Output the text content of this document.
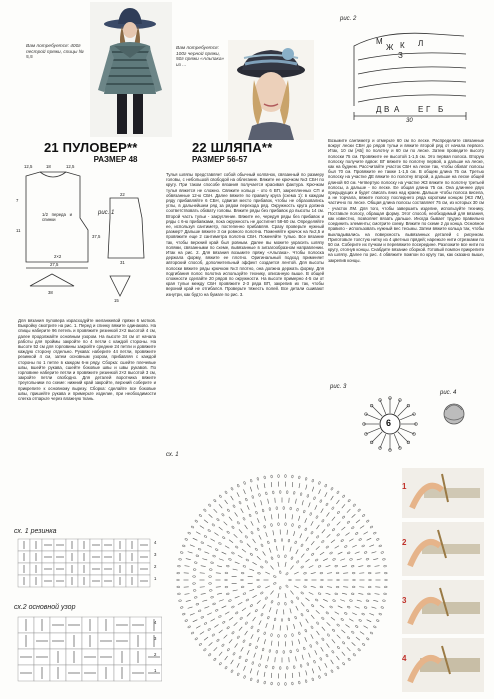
Вам потребуется: 400г пестрой пряжи, спицы № 5,5
Вам потребуется: 100г черной пряжи, 50г пряжи «Альпака» из ...
21 ПУЛОВЕР**
РАЗМЕР 48
22 ШЛЯПА**
РАЗМЕР 56-57
рис. 2
М
Ж К Л
З
Д В А Е Г Б
30
рис. 1
12,5	18	12,5
1/2 переда и спинки
27,5
22
31
7
11
37,5
38
15
2×2

Для вязания пуловера израсходуйте меланжевой пряжи 6 мотков. Выкройку смотрите на рис. 1. Перед и спинку вяжите одинаково. На спицы наберите 96 петель и провяжите резинкой 2×2 высотой 4 см, далее продолжайте основным узором. На высоте 34 см от начала работы для проймы закройте по 4 петли с каждой стороны. На высоте 52 см для горловины закройте средние 24 петли и довяжите каждую сторону отдельно. Рукава: наберите 44 петли, провяжите резинкой 4 см, затем основным узором, прибавляя с каждой стороны по 1 петле в каждом 6-м ряду. Сборка: сшейте плечевые швы, вшейте рукава, сшейте боковые швы и швы рукавов. По горловине наберите петли и провяжите резинкой 2×2 высотой 3 см, закройте петли свободно. Для деталей воротника вяжите треугольники по схеме: нижний край закройте, верхний соберите и прикрепите к основному вырезу. Сборка: сделайте все боковые швы, пришейте рукава и примерьте изделие, при необходимости слегка отпарьте через влажную ткань.

Тулья шляпы представляет собой обычный колпачок, связанный по размеру головы, с небольшой свободой на облегание. Вяжите ее крючком №3 СБН по кругу. При таком способе вязания получается красивая фактура. Крючком тулья вяжется не сложно. Свяжите кольцо - ото 6 ВП, закрепленных СП и обвязанные 12-ю СБН. Далее вяжите по правилу круга (схема 1): в каждом ряду прибавляйте 6 СБН, сдвигая место прибавок, чтобы не образовались углы, в дальнейшем ряд за рядом перехода ряд. Окружность круга должна соответствовать обхвату головы. Вяжите ряды без прибавок до высоты 14 см. Второй часть тульи - закругление. Вяжите ее, чередуя ряды без прибавок и ряды с 6-ю прибавками, пока окружность не достигнет 58-60 см. Определяйте ее, используя сантиметр, постепенно прибавляя. Сразу проверьте нужный размер? Дальше вяжите 3 см ровного полотна. Поменяйте крючок на №2,5 и провяжите еще 2 сантиметра полотна СБН. Поменяйте тулью. Все вязание так, чтобы верхний край был ровным. Далее вы можете украсить шляпу полями, связанными по схеме, вывязанные в зигзагообразном направлении. Итак на рис. 2. Для вязания возьмите пряжу «Альпака». Чтобы полоска держала форму, вяжите ее плотно. Оригинальный подход применяет авторский способ, дополнительный эффект создается лентой. Для высоты полоски вяжите ряды крючком №3 плотно, она должна держать форму. Для подгибания полос полотна используйте технику, описанную выше. В общей сложности сделайте 20 рядов по окружности. На высоте примерно 4-5 см от края тульи между СБН провяжите 2-3 ряда ВП, закрепив их так, чтобы верхний край не отгибался. Проверьте тяжесть полей. Все детали сшивают изнутри, как будто на бумаге по рис. 3.

Возьмите сантиметр и отмерьте 60 см по леске. Распределите связанные вокруг лески СБН до рядов тульи и вяжите второй ряд от начала первого. Итак, 10 см [АБ] по полотну и 60 см по леске. Затем проведите высоту полоски 75 см. Провяжите ее высотой 1-1,5 см. Это первая полоса. Вторую полоску получите вдвое: ВГ вяжите по полотну первой, а дальше на леске, как на буднем. Рассчитайте участок СБН на леске так, чтобы обхват полосы был 70 см. Провяжите ее также 1-1,5 см. В общем длина 75 см. Третью полоску на участке ДЕ вяжите по полотну второй, а дальше на леске общей длиной 60 см. Четвертую полоску на участке ЖЗ вяжите по полотну третьей полосы, а дальше - по леске. Ее общая длина 75 см. Она длиннее двух предыдущих и будет свисать вниз над краем. Дальше чтобы полоса висела, а не торчала, вяжите полосу последнего ряда коротким концом (ЖЗ ЛМ), частично по леске. Общая длина полосы составляет 75 см, из которых 30 см - участок ЛМ. Для того, чтобы завершить изделие, используйте технику. Поставьте полосу, обращая форму. Этот способ, необходимый для вязания, как известно, позволяет вязать дальше. Иногда бывает трудно правильно соединить элементы; смотрите схему. Вяжите по схеме 2 до конца. Основное правило - использовать нужный вес тесьмы. Затем вяжите кольца так, чтобы выкладывались на поверхность вывязанных деталей с рисунком. Приготовьте толстую нитку из 4 цветных прядей; нарежьте нити отрезками по 50 см. Соберите их пучком и перевяжите посередине. Разложите все нити по кругу, отогнув концы. Снабдите вязание сборкой. Готовый помпон прикрепите на шляпу. Далее по рис. 4 обвяжите помпон по кругу так, как сказано выше, закрепив концы.

рис. 3
6
рис. 4
сх. 1
1
2
3
4
сх. 1 резинка
4
3
2
1
сх.2 основной узор
4
3
2
1
